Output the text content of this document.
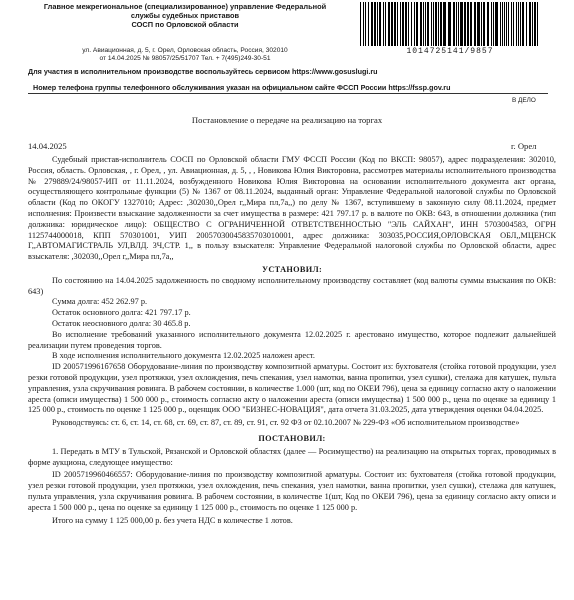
Главное межрегиональное (специализированное) управление Федеральной
службы судебных приставов
СОСП по Орловской области
ул. Авиационная, д. 5, г. Орел, Орловская область, Россия, 302010
от 14.04.2025 № 98057/25/51707 Тел. + 7(495)249-30-51
1014725141/9857
Для участия в исполнительном производстве воспользуйтесь сервисом https://www.gosuslugi.ru
Номер телефона группы телефонного обслуживания указан на официальном сайте ФССП России https://fssp.gov.ru
В ДЕЛО
Постановление о передаче на реализацию на торгах
14.04.2025	г. Орел

Судебный пристав-исполнитель СОСП по Орловской области ГМУ ФССП России (Код по ВКСП: 98057), адрес подразделения: 302010, Россия, область. Орловская, , г. Орел, , ул. Авиационная, д. 5, , , Новикова Юлия Викторовна, рассмотрев материалы исполнительного производства № 279889/24/98057-ИП от 11.11.2024, возбужденного Новикова Юлия Викторовна на основании исполнительного документа акт органа, осуществляющего контрольные функции (5) № 1367 от 08.11.2024, выданный орган: Управление Федеральной налоговой службы по Орловской области (Код по ОКОГУ 1327010; Адрес: ,302030,,Орел г,,Мира пл,7а,,) по делу № 1367, вступившему в законную силу 08.11.2024, предмет исполнения: Произвести взыскание задолженности за счет имущества в размере: 421 797.17 р. в валюте по ОКВ: 643, в отношении должника (тип должника: юридическое лицо): ОБЩЕСТВО С ОГРАНИЧЕННОЙ ОТВЕТСТВЕННОСТЬЮ "ЭЛЬ САЙХАН", ИНН 5703004583, ОГРН 1125744000018, КПП 570301001, УИП 20057030045835703010001, адрес должника: 303035,РОССИЯ,ОРЛОВСКАЯ ОБЛ,,МЦЕНСК Г,,АВТОМАГИСТРАЛЬ УЛ,ВЛД. 3Ч,СТР. 1,, в пользу взыскателя: Управление Федеральной налоговой службы по Орловской области, адрес взыскателя: ,302030,,Орел г,,Мира пл,7а,,

УСТАНОВИЛ:

По состоянию на 14.04.2025 задолженность по сводному исполнительному производству составляет (код валюты суммы взыскания по ОКВ: 643)

Сумма долга: 452 262.97 р.

Остаток основного долга: 421 797.17 р.

Остаток неосновного долга: 30 465.8 р.

Во исполнение требований указанного исполнительного документа 12.02.2025 г. арестовано имущество, которое подлежит дальнейшей реализации путем проведения торгов.

В ходе исполнения исполнительного документа 12.02.2025 наложен арест.

ID 2005719961б7658 Оборудование-линия по производству композитной арматуры. Состоит из: бухтователя (стойка готовой продукции, узел резки готовой продукции, узел протяжки, узел охлождения, печь спекания, узел намотки, ванна пропитки, узел сушки), стелажа для катушек, пульта управления, узла скручивания ровинга. В рабочем состоянии, в количестве 1.000 (шт, код по ОКЕИ 796), цена за единицу согласно акту о наложении ареста (описи имущества) 1 500 000 р., стоимость согласно акту о наложении ареста (описи имущества) 1 500 000 р., цена по оценке за единицу 1 125 000 р., стоимость по оценке 1 125 000 р., оценщик ООО "БИЗНЕС-НОВАЦИЯ", дата отчета 31.03.2025, дата утверждения оценки 04.04.2025.

Руководствуясь: ст. 6, ст. 14, ст. 68, ст. 69, ст. 87, ст. 89, ст. 91, ст. 92 ФЗ от 02.10.2007 № 229-ФЗ «Об исполнительном производстве»

ПОСТАНОВИЛ:

1. Передать в МТУ в Тульской, Рязанской и Орловской областях (далее — Росимущество) на реализацию на открытых торгах, проводимых в форме аукциона, следующее имущество:

ID 2005719960466557: Оборудование-линия по производству композитной арматуры. Состоит из: бухтователя (стойка готовой продукции, узел резки готовой продукции, узел протяжки, узел охлождения, печь спекания, узел намотки, ванна пропитки, узел сушки), стелажа для катушек, пульта управления, узла скручивания ровинга. В рабочем состоянии, в количестве 1(шт, Код по ОКЕИ 796), цена за единицу согласно акту описи и ареста 1 500 000 р., цена по оценке за единицу 1 125 000 р., стоимость по оценке 1 125 000 р.

Итого на сумму 1 125 000,00 р. без учета НДС в количестве 1 лотов.
